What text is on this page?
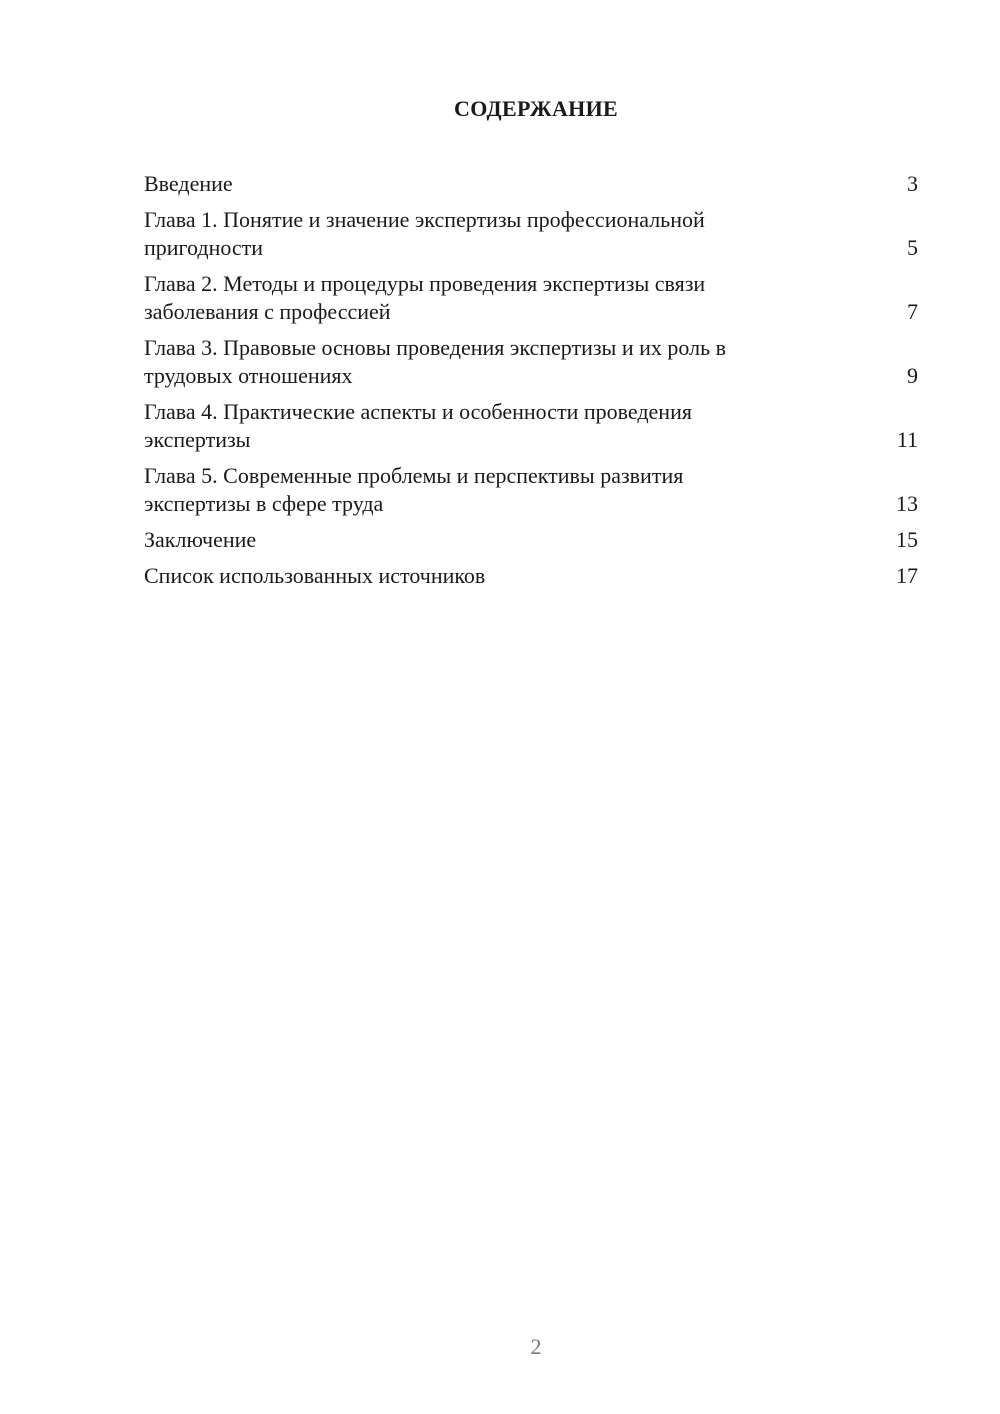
СОДЕРЖАНИЕ
Введение	3
Глава 1. Понятие и значение экспертизы профессиональной
пригодности	5
Глава 2. Методы и процедуры проведения экспертизы связи
заболевания с профессией	7
Глава 3. Правовые основы проведения экспертизы и их роль в
трудовых отношениях	9
Глава 4. Практические аспекты и особенности проведения
экспертизы	11
Глава 5. Современные проблемы и перспективы развития
экспертизы в сфере труда	13
Заключение	15
Список использованных источников	17
2
